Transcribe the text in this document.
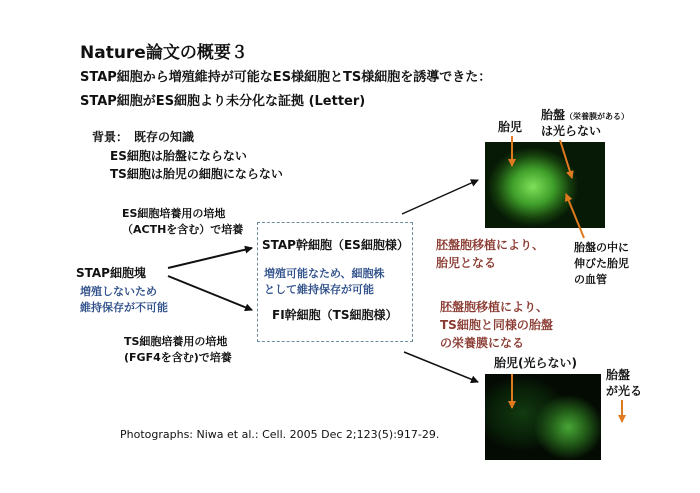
Nature論文の概要３
STAP細胞から増殖維持が可能なES様細胞とTS様細胞を誘導できた：
STAP細胞がES細胞より未分化な証拠 (Letter)
背景：　既存の知識
ES細胞は胎盤にならない
TS細胞は胎児の細胞にならない
ES細胞培養用の培地
（ACTHを含む）で培養
STAP細胞塊
増殖しないため
維持保存が不可能
TS細胞培養用の培地
(FGF4を含む)で培養
STAP幹細胞（ES細胞様）
増殖可能なため、細胞株
として維持保存が可能
FI幹細胞（TS細胞様）
胚盤胞移植により、
胎児となる
胚盤胞移植により、
TS細胞と同様の胎盤
の栄養膜になる
胎児
胎盤（栄養膜がある）
は光らない
胎盤の中に
伸びた胎児
の血管
胎児(光らない)
胎盤
が光る
Photographs: Niwa et al.: Cell. 2005 Dec 2;123(5):917-29.
